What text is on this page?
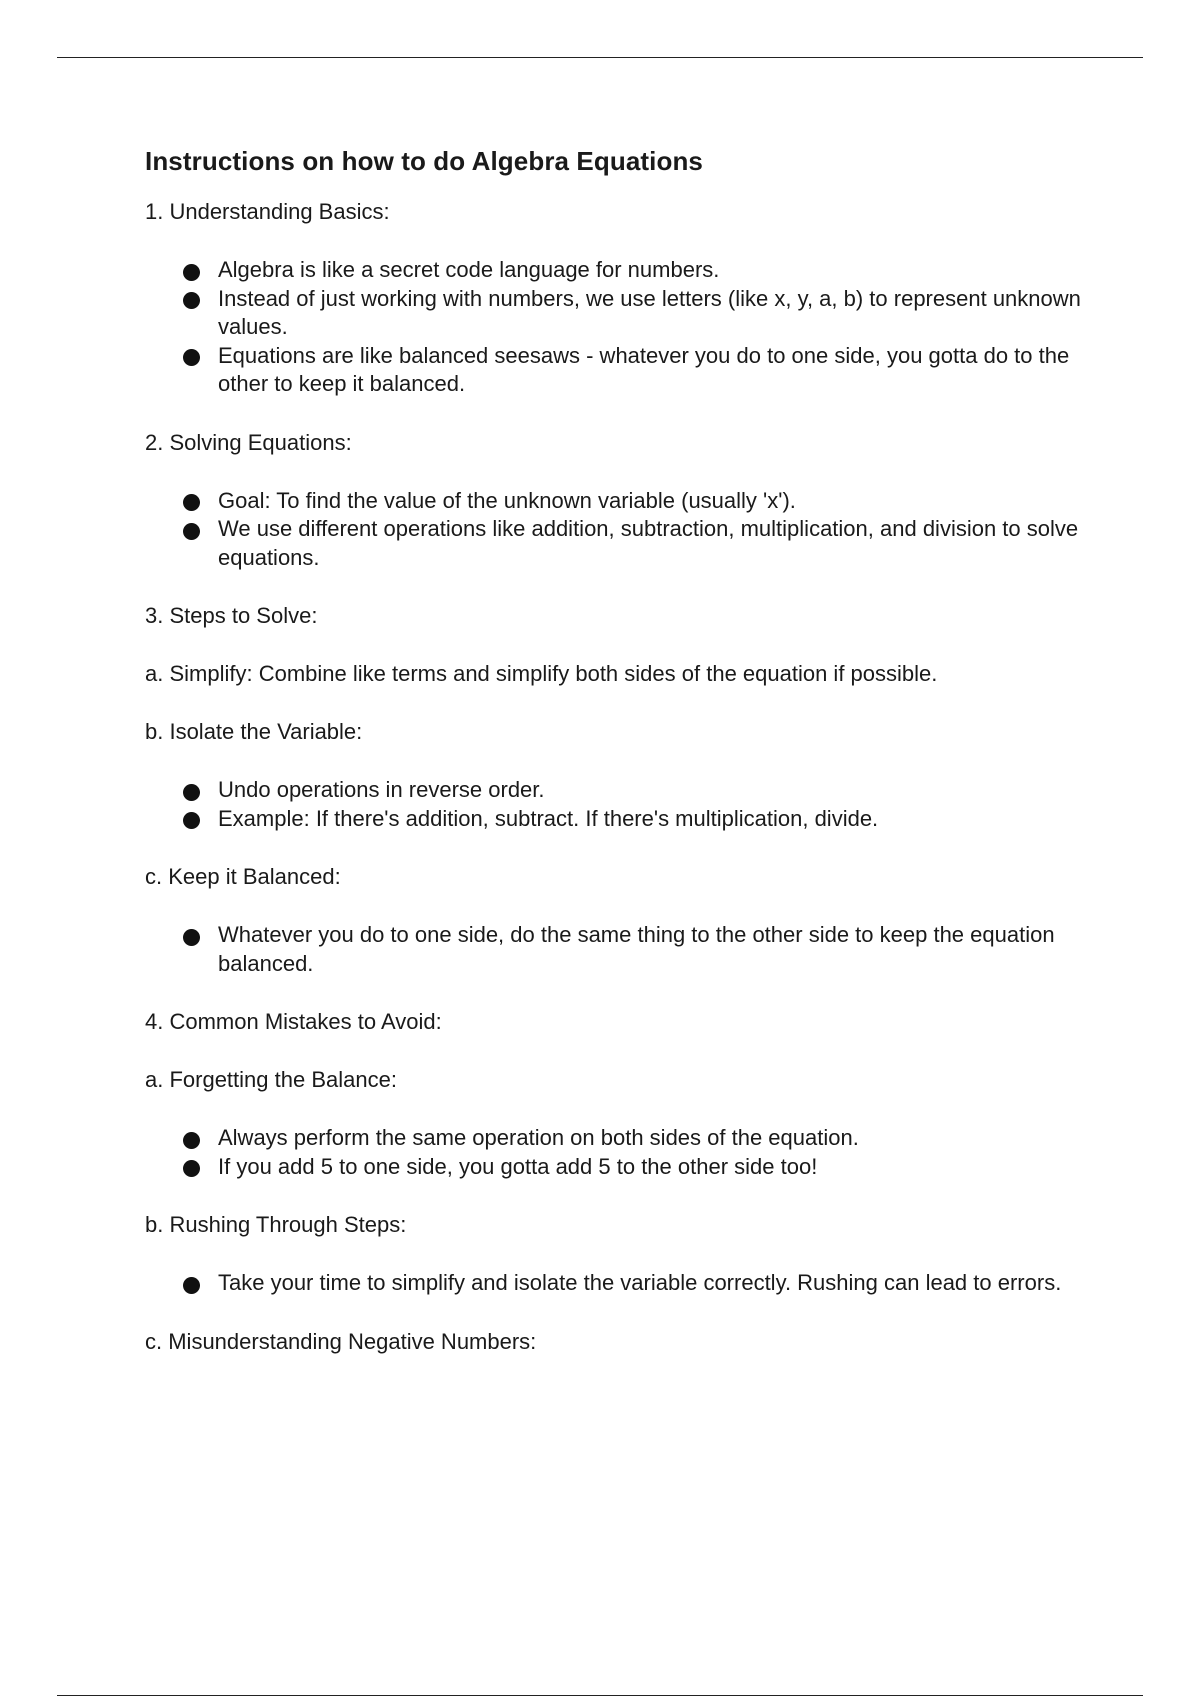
Instructions on how to do Algebra Equations

1. Understanding Basics:

Algebra is like a secret code language for numbers.
Instead of just working with numbers, we use letters (like x, y, a, b) to represent unknown values.
Equations are like balanced seesaws - whatever you do to one side, you gotta do to the other to keep it balanced.

2. Solving Equations:

Goal: To find the value of the unknown variable (usually 'x').
We use different operations like addition, subtraction, multiplication, and division to solve equations.

3. Steps to Solve:

a. Simplify: Combine like terms and simplify both sides of the equation if possible.

b. Isolate the Variable:

Undo operations in reverse order.
Example: If there's addition, subtract. If there's multiplication, divide.

c. Keep it Balanced:

Whatever you do to one side, do the same thing to the other side to keep the equation balanced.

4. Common Mistakes to Avoid:

a. Forgetting the Balance:

Always perform the same operation on both sides of the equation.
If you add 5 to one side, you gotta add 5 to the other side too!

b. Rushing Through Steps:

Take your time to simplify and isolate the variable correctly. Rushing can lead to errors.

c. Misunderstanding Negative Numbers:
